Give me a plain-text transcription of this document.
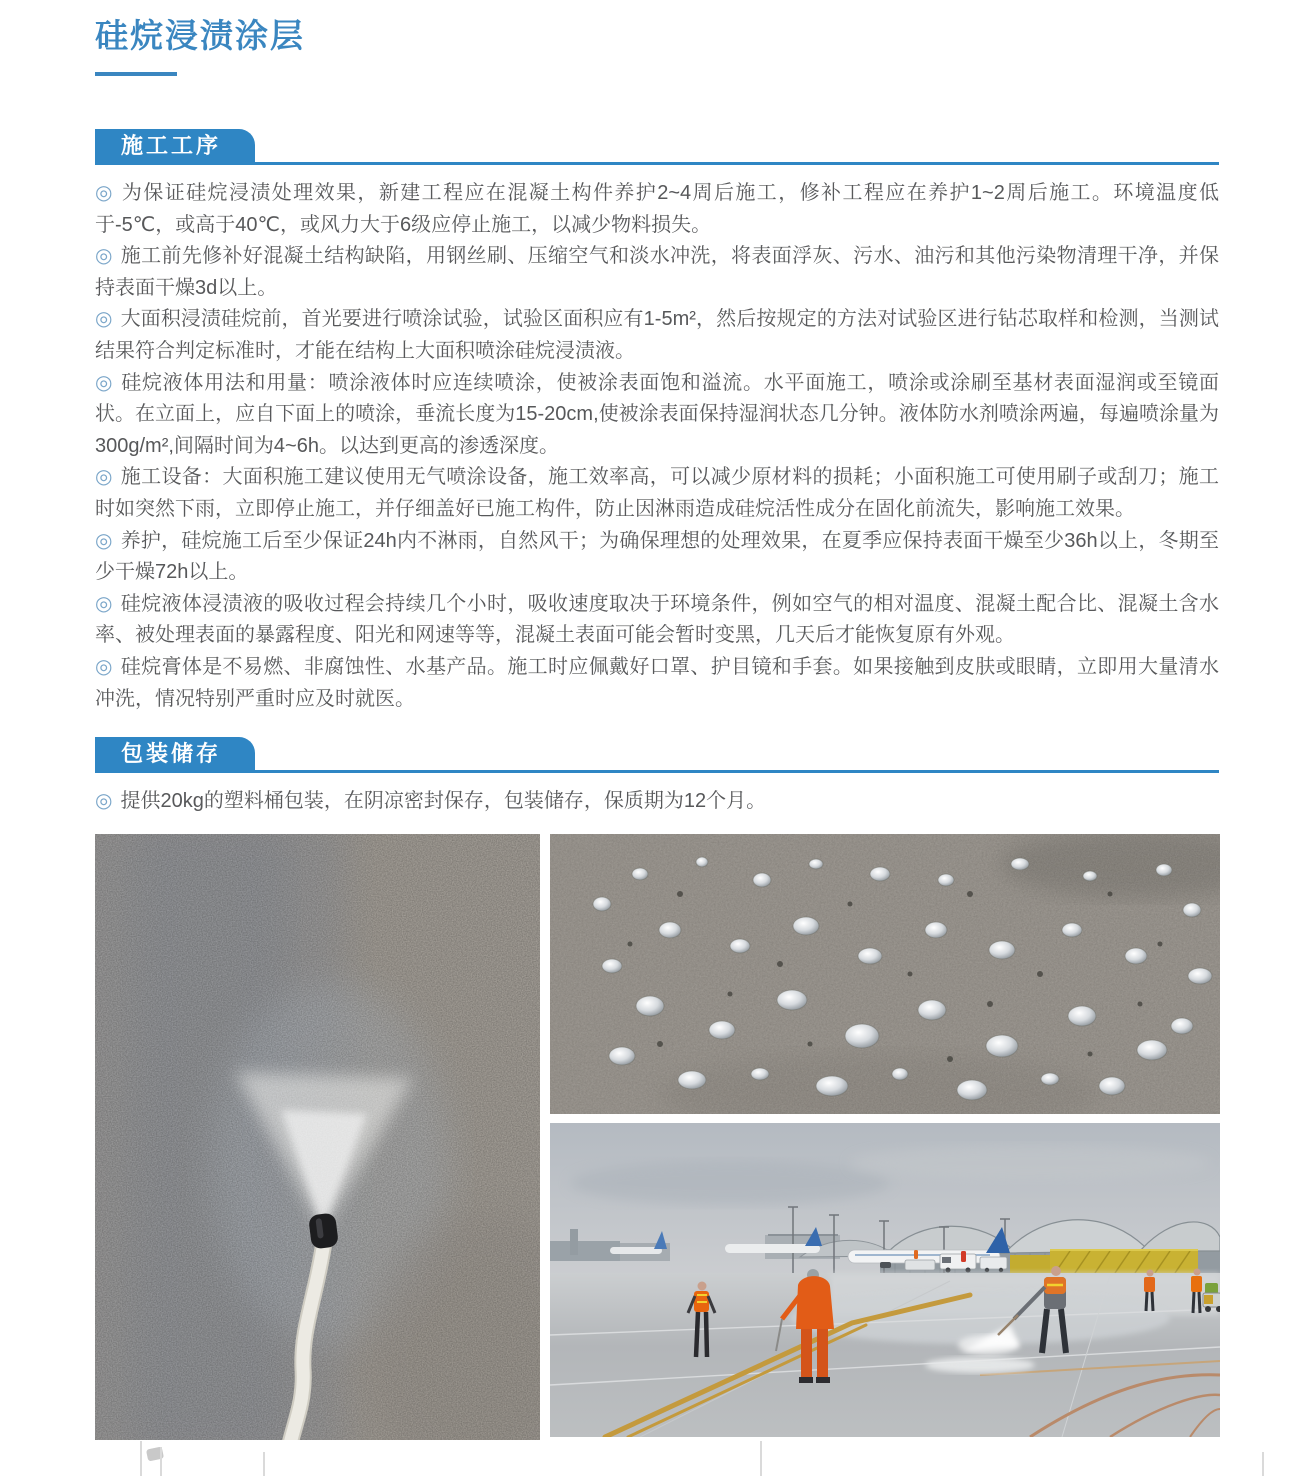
硅烷浸渍涂层
施工工序

◎ 为保证硅烷浸渍处理效果，新建工程应在混凝土构件养护2~4周后施工，修补工程应在养护1~2周后施工。环境温度低于-5℃，或高于40℃，或风力大于6级应停止施工，以减少物料损失。

◎ 施工前先修补好混凝土结构缺陷，用钢丝刷、压缩空气和淡水冲洗，将表面浮灰、污水、油污和其他污染物清理干净，并保持表面干燥3d以上。

◎ 大面积浸渍硅烷前，首光要进行喷涂试验，试验区面积应有1-5m²，然后按规定的方法对试验区进行钻芯取样和检测，当测试结果符合判定标准时，才能在结构上大面积喷涂硅烷浸渍液。

◎ 硅烷液体用法和用量：喷涂液体时应连续喷涂，使被涂表面饱和溢流。水平面施工，喷涂或涂刷至基材表面湿润或至镜面状。在立面上，应自下面上的喷涂，垂流长度为15-20cm,使被涂表面保持湿润状态几分钟。液体防水剂喷涂两遍，每遍喷涂量为300g/m²,间隔时间为4~6h。以达到更高的渗透深度。

◎ 施工设备：大面积施工建议使用无气喷涂设备，施工效率高，可以减少原材料的损耗；小面积施工可使用刷子或刮刀；施工时如突然下雨，立即停止施工，并仔细盖好已施工构件，防止因淋雨造成硅烷活性成分在固化前流失，影响施工效果。

◎ 养护，硅烷施工后至少保证24h内不淋雨，自然风干；为确保理想的处理效果，在夏季应保持表面干燥至少36h以上，冬期至少干燥72h以上。

◎ 硅烷液体浸渍液的吸收过程会持续几个小时，吸收速度取决于环境条件，例如空气的相对温度、混凝土配合比、混凝土含水率、被处理表面的暴露程度、阳光和网速等等，混凝土表面可能会暂时变黑，几天后才能恢复原有外观。

◎ 硅烷膏体是不易燃、非腐蚀性、水基产品。施工时应佩戴好口罩、护目镜和手套。如果接触到皮肤或眼睛，立即用大量清水冲洗，情况特别严重时应及时就医。

包装储存

◎ 提供20kg的塑料桶包装，在阴凉密封保存，包装储存，保质期为12个月。
